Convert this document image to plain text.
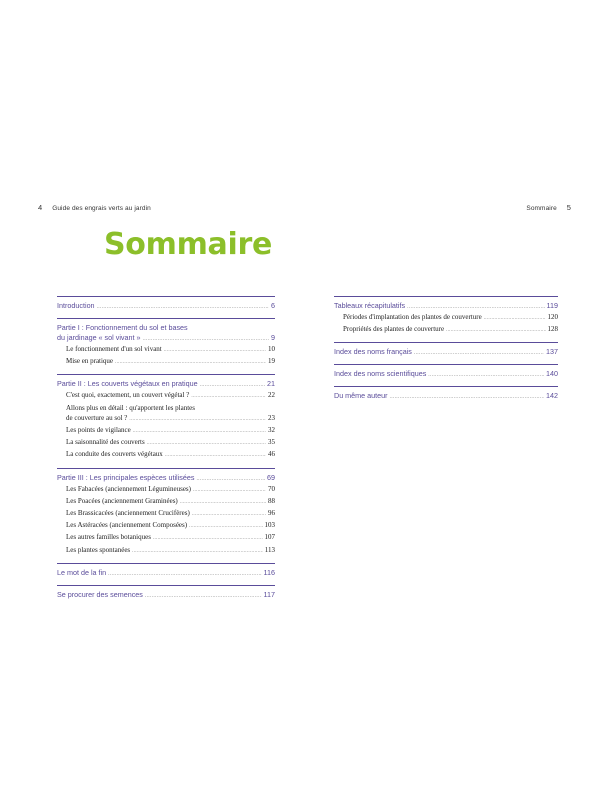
4 Guide des engrais verts au jardin	Sommaire 5
Sommaire
Introduction .....	6
Partie I : Fonctionnement du sol et bases
du jardinage « sol vivant » .....	9
Le fonctionnement d'un sol vivant .....	10
Mise en pratique .....	19
Partie II : Les couverts végétaux en pratique .....	21
C'est quoi, exactement, un couvert végétal ? .....	22
Allons plus en détail : qu'apportent les plantes
de couverture au sol ? .....	23
Les points de vigilance .....	32
La saisonnalité des couverts .....	35
La conduite des couverts végétaux .....	46
Partie III : Les principales espèces utilisées .....	69
Les Fabacées (anciennement Légumineuses) .....	70
Les Poacées (anciennement Graminées) .....	88
Les Brassicacées (anciennement Crucifères) .....	96
Les Astéracées (anciennement Composées) .....	103
Les autres familles botaniques .....	107
Les plantes spontanées .....	113
Le mot de la fin .....	116
Se procurer des semences .....	117
Tableaux récapitulatifs .....	119
Périodes d'implantation des plantes de couverture .....	120
Propriétés des plantes de couverture .....	128
Index des noms français .....	137
Index des noms scientifiques .....	140
Du même auteur .....	142
